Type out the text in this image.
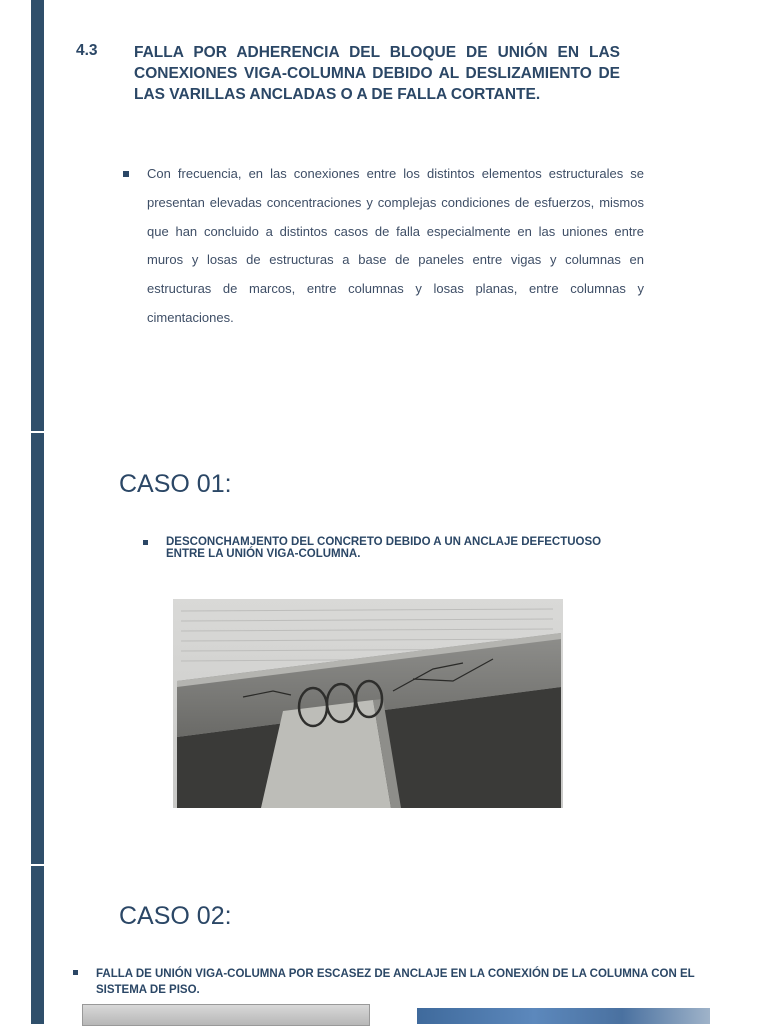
4.3 FALLA POR ADHERENCIA DEL BLOQUE DE UNIÓN EN LAS CONEXIONES VIGA-COLUMNA DEBIDO AL DESLIZAMIENTO DE LAS VARILLAS ANCLADAS O A DE FALLA CORTANTE.
Con frecuencia, en las conexiones entre los distintos elementos estructurales se presentan elevadas concentraciones y complejas condiciones de esfuerzos, mismos que han concluido a distintos casos de falla especialmente en las uniones entre muros y losas de estructuras a base de paneles entre vigas y columnas en estructuras de marcos, entre columnas y losas planas, entre columnas y cimentaciones.
CASO 01:
DESCONCHAMJENTO DEL CONCRETO DEBIDO A UN ANCLAJE DEFECTUOSO ENTRE LA UNIÓN VIGA-COLUMNA.
CASO 02:
FALLA DE UNIÓN VIGA-COLUMNA POR ESCASEZ DE ANCLAJE EN LA CONEXIÓN DE LA COLUMNA CON EL SISTEMA DE PISO.
